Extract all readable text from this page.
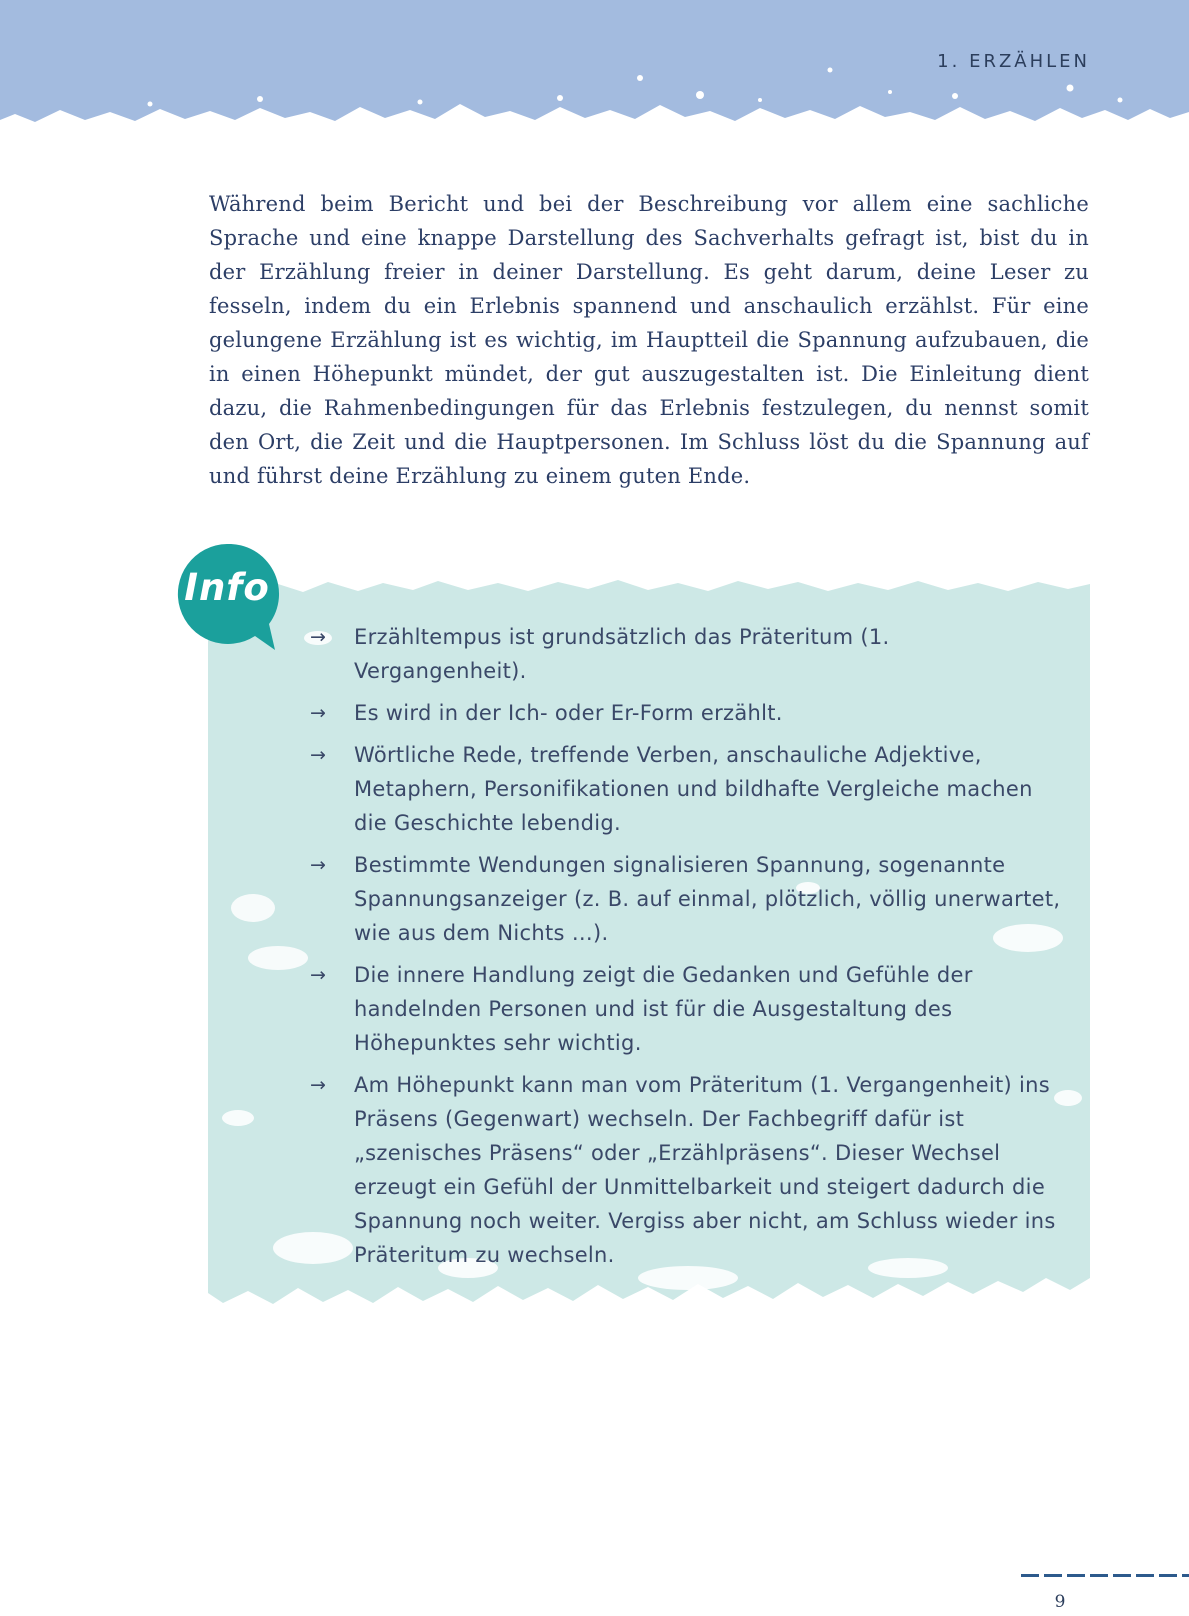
1. ERZÄHLEN

Während beim Bericht und bei der Beschreibung vor allem eine sachliche Sprache und eine knappe Darstellung des Sachverhalts gefragt ist, bist du in der Erzählung freier in deiner Darstellung. Es geht darum, deine Leser zu fesseln, indem du ein Erlebnis spannend und anschaulich erzählst. Für eine gelungene Erzählung ist es wichtig, im Hauptteil die Spannung aufzubauen, die in einen Höhepunkt mündet, der gut auszugestalten ist. Die Einleitung dient dazu, die Rahmenbedingungen für das Erlebnis festzulegen, du nennst somit den Ort, die Zeit und die Hauptpersonen. Im Schluss löst du die Spannung auf und führst deine Erzählung zu einem guten Ende.

Info
→ Erzähltempus ist grundsätzlich das Präteritum (1. Vergangenheit).
→ Es wird in der Ich- oder Er-Form erzählt.
→ Wörtliche Rede, treffende Verben, anschauliche Adjektive, Metaphern, Personifikationen und bildhafte Vergleiche machen die Geschichte lebendig.
→ Bestimmte Wendungen signalisieren Spannung, sogenannte Spannungsanzeiger (z. B. auf einmal, plötzlich, völlig unerwartet, wie aus dem Nichts …).
→ Die innere Handlung zeigt die Gedanken und Gefühle der handelnden Personen und ist für die Ausgestaltung des Höhepunktes sehr wichtig.
→ Am Höhepunkt kann man vom Präteritum (1. Vergangenheit) ins Präsens (Gegenwart) wechseln. Der Fachbegriff dafür ist „szenisches Präsens“ oder „Erzählpräsens“. Dieser Wechsel erzeugt ein Gefühl der Unmittelbarkeit und steigert dadurch die Spannung noch weiter. Vergiss aber nicht, am Schluss wieder ins Präteritum zu wechseln.
9
